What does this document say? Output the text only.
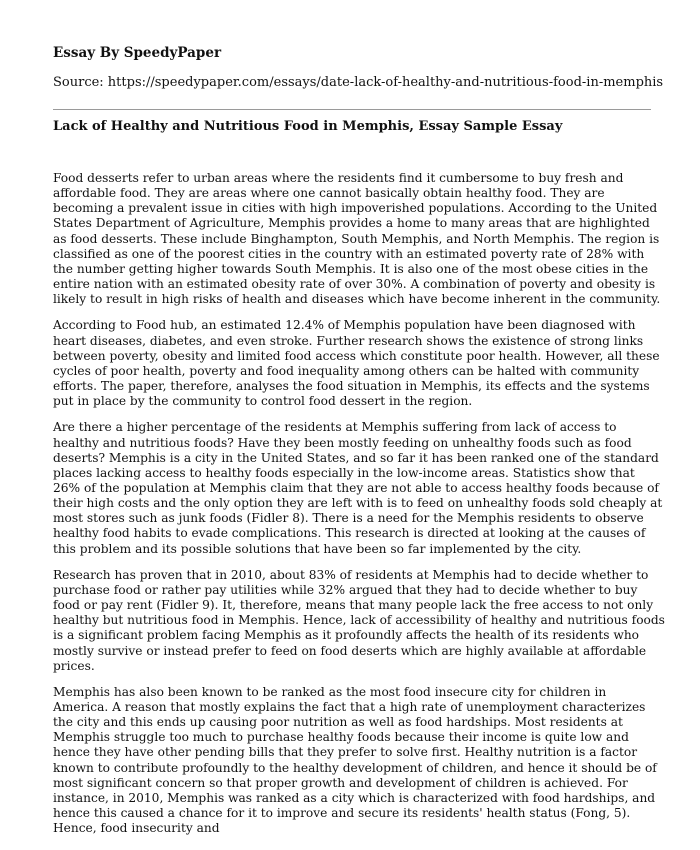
Essay By SpeedyPaper

Source: https://speedypaper.com/essays/date-lack-of-healthy-and-nutritious-food-in-memphis

Lack of Healthy and Nutritious Food in Memphis, Essay Sample Essay

Food desserts refer to urban areas where the residents find it cumbersome to buy fresh and affordable food. They are areas where one cannot basically obtain healthy food. They are becoming a prevalent issue in cities with high impoverished populations. According to the United States Department of Agriculture, Memphis provides a home to many areas that are highlighted as food desserts. These include Binghampton, South Memphis, and North Memphis. The region is classified as one of the poorest cities in the country with an estimated poverty rate of 28% with the number getting higher towards South Memphis. It is also one of the most obese cities in the entire nation with an estimated obesity rate of over 30%. A combination of poverty and obesity is likely to result in high risks of health and diseases which have become inherent in the community.

According to Food hub, an estimated 12.4% of Memphis population have been diagnosed with heart diseases, diabetes, and even stroke. Further research shows the existence of strong links between poverty, obesity and limited food access which constitute poor health. However, all these cycles of poor health, poverty and food inequality among others can be halted with community efforts. The paper, therefore, analyses the food situation in Memphis, its effects and the systems put in place by the community to control food dessert in the region.

Are there a higher percentage of the residents at Memphis suffering from lack of access to healthy and nutritious foods? Have they been mostly feeding on unhealthy foods such as food deserts? Memphis is a city in the United States, and so far it has been ranked one of the standard places lacking access to healthy foods especially in the low-income areas. Statistics show that 26% of the population at Memphis claim that they are not able to access healthy foods because of their high costs and the only option they are left with is to feed on unhealthy foods sold cheaply at most stores such as junk foods (Fidler 8). There is a need for the Memphis residents to observe healthy food habits to evade complications. This research is directed at looking at the causes of this problem and its possible solutions that have been so far implemented by the city.

Research has proven that in 2010, about 83% of residents at Memphis had to decide whether to purchase food or rather pay utilities while 32% argued that they had to decide whether to buy food or pay rent (Fidler 9). It, therefore, means that many people lack the free access to not only healthy but nutritious food in Memphis. Hence, lack of accessibility of healthy and nutritious foods is a significant problem facing Memphis as it profoundly affects the health of its residents who mostly survive or instead prefer to feed on food deserts which are highly available at affordable prices.

Memphis has also been known to be ranked as the most food insecure city for children in America. A reason that mostly explains the fact that a high rate of unemployment characterizes the city and this ends up causing poor nutrition as well as food hardships. Most residents at Memphis struggle too much to purchase healthy foods because their income is quite low and hence they have other pending bills that they prefer to solve first. Healthy nutrition is a factor known to contribute profoundly to the healthy development of children, and hence it should be of most significant concern so that proper growth and development of children is achieved. For instance, in 2010, Memphis was ranked as a city which is characterized with food hardships, and hence this caused a chance for it to improve and secure its residents' health status (Fong, 5). Hence, food insecurity and
